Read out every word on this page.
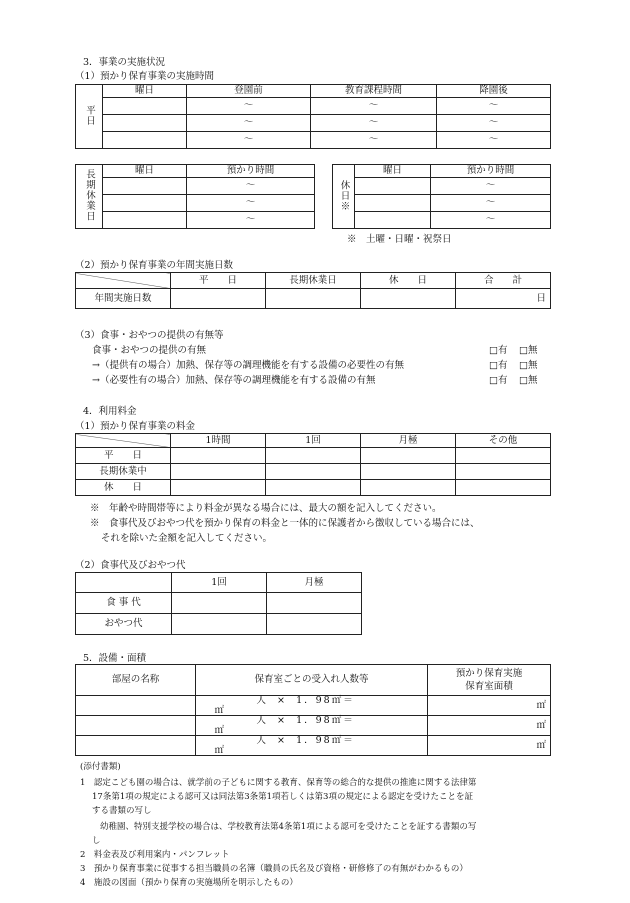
3．事業の実施状況
（1）預かり保育事業の実施時間
平日	曜日	登園前	教育課程時間	降園後
		～	～	～
		～	～	～
		～	～	～
長期休業日	曜日	預かり時間
		～
		～
		～
休日※	曜日	預かり時間
		～
		～
		～
※　土曜・日曜・祝祭日
（2）預かり保育事業の年間実施日数
	平　　日	長期休業日	休　　日	合　　計
年間実施日数				日
（3）食事・おやつの提供の有無等
食事・おやつの提供の有無	□有 □無
→（提供有の場合）加熱、保存等の調理機能を有する設備の必要性の有無	□有 □無
→（必要性有の場合）加熱、保存等の調理機能を有する設備の有無	□有 □無
4．利用料金
（1）預かり保育事業の料金
	1時間	1回	月極	その他
平　　日				
長期休業中				
休　　日				
※　年齢や時間帯等により料金が異なる場合には、最大の額を記入してください。
※　食事代及びおやつ代を預かり保育の料金と一体的に保護者から徴収している場合には、
それを除いた金額を記入してください。
（2）食事代及びおやつ代
	1回	月極
食 事 代		
おやつ代		
5．設備・面積
部屋の名称	保育室ごとの受入れ人数等	預かり保育実施
保育室面積
	人 × 1．98㎡＝ ㎡	㎡
	人 × 1．98㎡＝ ㎡	㎡
	人 × 1．98㎡＝ ㎡	㎡
(添付書類)
1　認定こども園の場合は、就学前の子どもに関する教育、保育等の総合的な提供の推進に関する法律第
17条第1項の規定による認可又は同法第3条第1項若しくは第3項の規定による認定を受けたことを証
する書類の写し
幼稚園、特別支援学校の場合は、学校教育法第4条第1項による認可を受けたことを証する書類の写
し
2　料金表及び利用案内・パンフレット
3　預かり保育事業に従事する担当職員の名簿（職員の氏名及び資格・研修修了の有無がわかるもの）
4　施設の図面（預かり保育の実施場所を明示したもの）
